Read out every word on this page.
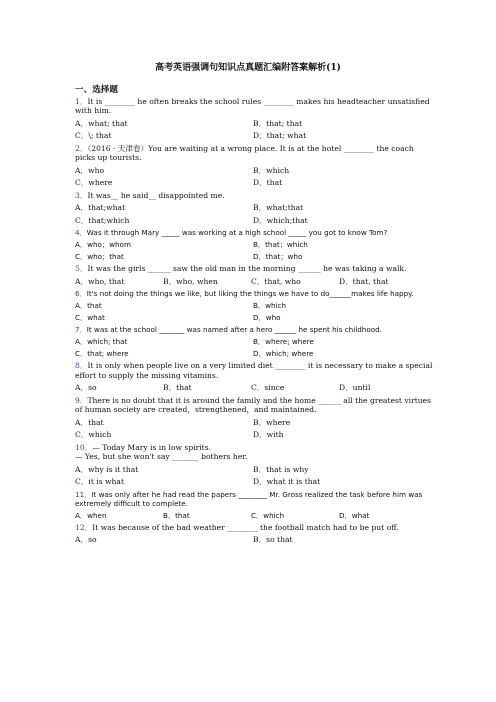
高考英语强调句知识点真题汇编附答案解析(1)
一、选择题

1．It is ________ he often breaks the school rules ________ makes his headteacher unsatisfied with him.

A．what; that	B．that; that
C．\; that	D．that; what

2．（2016 · 天津卷）You are waiting at a wrong place. It is at the hotel ________ the coach picks up tourists.

A．who	B．which
C．where	D．that

3．It was__ he said__ disappointed me.

A．that;what	B．what;that
C．that;which	D．which;that

4．Was it through Mary _____ was working at a high school _____ you got to know Tom?

A．who；whom	B．that；which
C．who；that	D．that；who

5．It was the girls ______ saw the old man in the morning ______ he was taking a walk.

A．who, that	B．who, when	C．that, who	D．that, that

6．It's not doing the things we like, but liking the things we have to do______makes life happy.

A．that	B．which
C．what	D．who

7．It was at the school _______ was named after a hero ______ he spent his childhood.

A．which; that	B．where; where
C．that; where	D．which; where

8．It is only when people live on a very limited diet ________ it is necessary to make a special effort to supply the missing vitamins.

A．so	B．that	C．since	D．until

9．There is no doubt that it is around the family and the home ______ all the greatest virtues of human society are created，strengthened，and maintained.

A．that	B．where
C．which	D．with

10．— Today Mary is in low spirits.

— Yes, but she won't say _______ bothers her.

A．why is it that	B．that is why
C．it is what	D．what it is that

11．It was only after he had read the papers ________ Mr. Gross realized the task before him was extremely difficult to complete.

A．when	B．that	C．which	D．what

12．It was because of the bad weather ________ the football match had to be put off.

A．so	B．so that
